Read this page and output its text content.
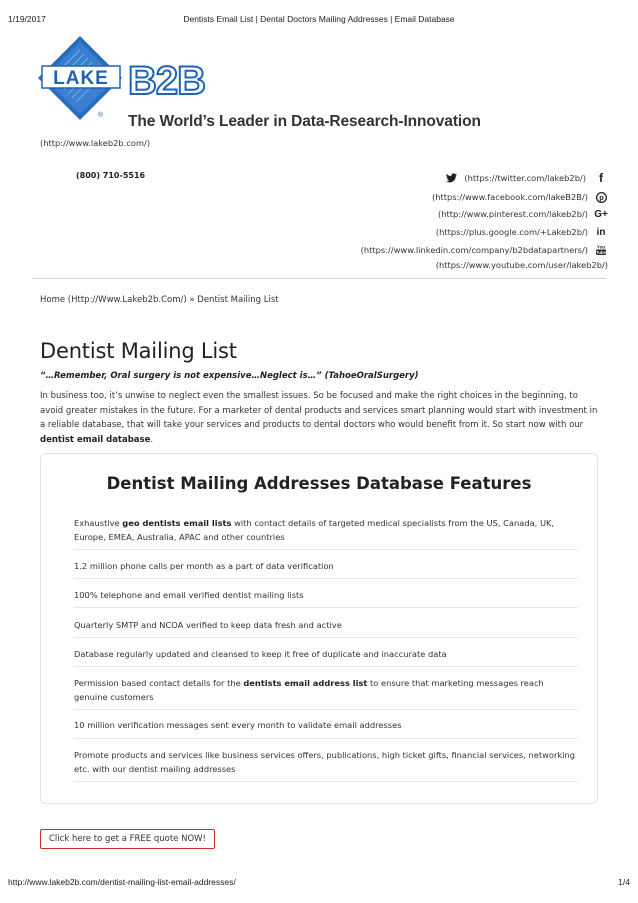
1/19/2017	Dentists Email List | Dental Doctors Mailing Addresses | Email Database
LAKE
®
B2B
The World’s Leader in Data-Research-Innovation
(http://www.lakeb2b.com/)
(800) 710-5516	(https://twitter.com/lakeb2b/)	f
(https://www.facebook.com/lakeB2B/) p
(http://www.pinterest.com/lakeb2b/) G+
(https://plus.google.com/+Lakeb2b/) in
(https://www.linkedin.com/company/b2bdatapartners/) You
Tube
(https://www.youtube.com/user/lakeb2b/)
Home (Http://Www.Lakeb2b.Com/) » Dentist Mailing List
Dentist Mailing List
“…Remember, Oral surgery is not expensive…Neglect is…” (TahoeOralSurgery)
In business too, it’s unwise to neglect even the smallest issues. So be focused and make the right choices in the beginning, to avoid greater mistakes in the future. For a marketer of dental products and services smart planning would start with investment in a reliable database, that will take your services and products to dental doctors who would benefit from it. So start now with our dentist email database.
Dentist Mailing Addresses Database Features
Exhaustive geo dentists email lists with contact details of targeted medical specialists from the US, Canada, UK, Europe, EMEA, Australia, APAC and other countries
1.2 million phone calls per month as a part of data verification
100% telephone and email verified dentist mailing lists
Quarterly SMTP and NCOA verified to keep data fresh and active
Database regularly updated and cleansed to keep it free of duplicate and inaccurate data
Permission based contact details for the dentists email address list to ensure that marketing messages reach genuine customers
10 million verification messages sent every month to validate email addresses
Promote products and services like business services offers, publications, high ticket gifts, financial services, networking etc. with our dentist mailing addresses
Click here to get a FREE quote NOW!
http://www.lakeb2b.com/dentist-mailing-list-email-addresses/	1/4
